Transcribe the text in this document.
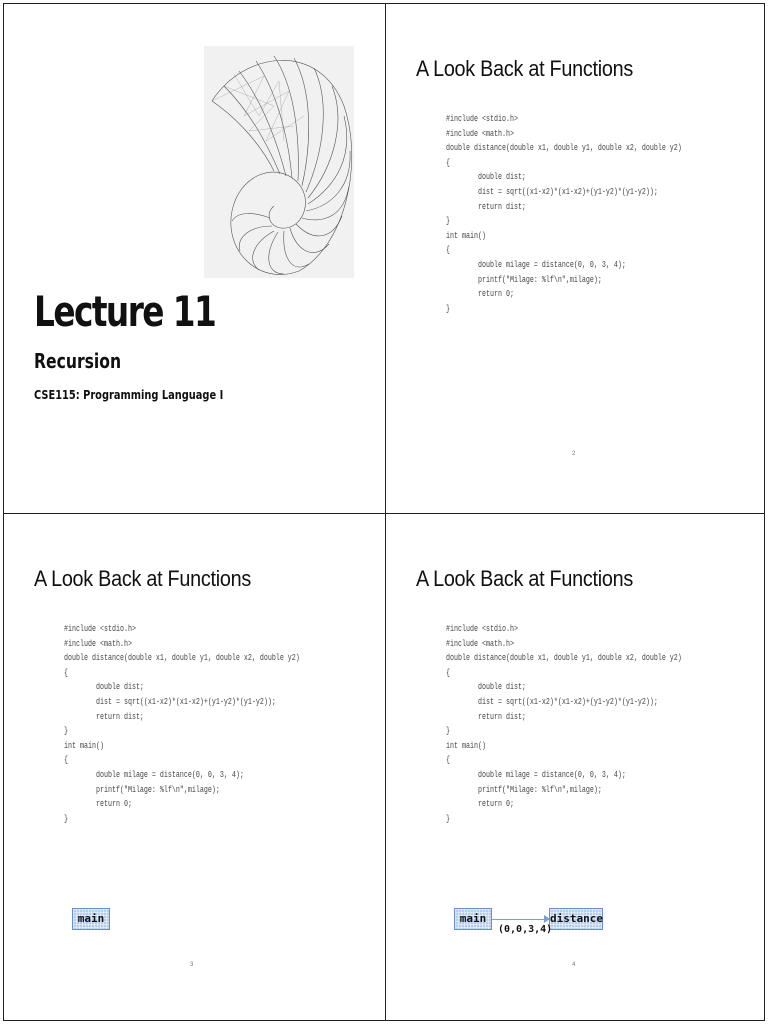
Lecture 11
Recursion
CSE115: Programming Language I
A Look Back at Functions
#include <stdio.h>
#include <math.h>
double distance(double x1, double y1, double x2, double y2)
{
double dist;
dist = sqrt((x1-x2)*(x1-x2)+(y1-y2)*(y1-y2));
return dist;
}
int main()
{
double milage = distance(0, 0, 3, 4);
printf("Milage: %lf\n",milage);
return 0;
}
2
A Look Back at Functions
#include <stdio.h>
#include <math.h>
double distance(double x1, double y1, double x2, double y2)
{
double dist;
dist = sqrt((x1-x2)*(x1-x2)+(y1-y2)*(y1-y2));
return dist;
}
int main()
{
double milage = distance(0, 0, 3, 4);
printf("Milage: %lf\n",milage);
return 0;
}
main
3
A Look Back at Functions
#include <stdio.h>
#include <math.h>
double distance(double x1, double y1, double x2, double y2)
{
double dist;
dist = sqrt((x1-x2)*(x1-x2)+(y1-y2)*(y1-y2));
return dist;
}
int main()
{
double milage = distance(0, 0, 3, 4);
printf("Milage: %lf\n",milage);
return 0;
}
main	distance
(0,0,3,4)
4
